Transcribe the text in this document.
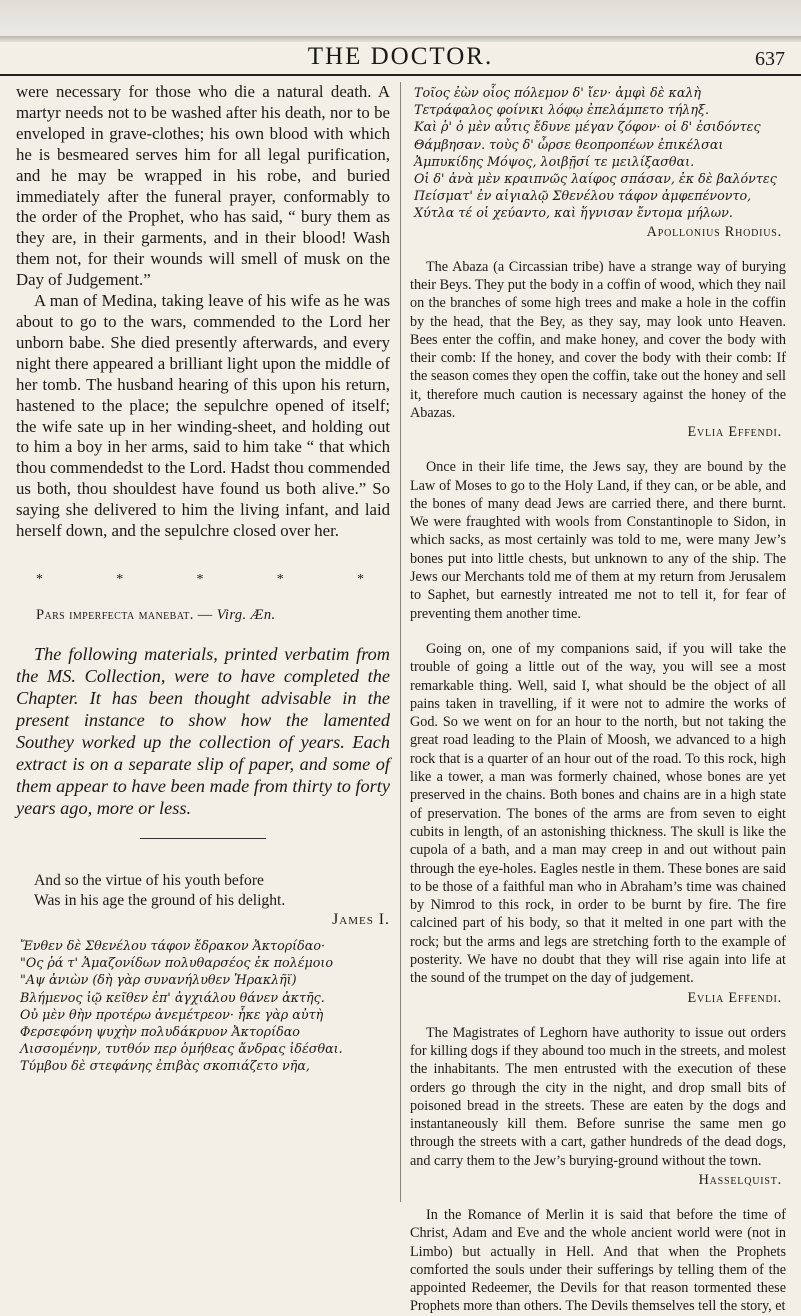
THE DOCTOR.	637

were necessary for those who die a natural death. A martyr needs not to be washed after his death, nor to be enveloped in grave-clothes; his own blood with which he is besmeared serves him for all legal purification, and he may be wrapped in his robe, and buried immediately after the funeral prayer, conformably to the order of the Prophet, who has said, “ bury them as they are, in their garments, and in their blood! Wash them not, for their wounds will smell of musk on the Day of Judgement.”

A man of Medina, taking leave of his wife as he was about to go to the wars, commended to the Lord her unborn babe. She died presently afterwards, and every night there appeared a brilliant light upon the middle of her tomb. The husband hearing of this upon his return, hastened to the place; the sepulchre opened of itself; the wife sate up in her winding-sheet, and holding out to him a boy in her arms, said to him take “ that which thou commendedst to the Lord. Hadst thou commended us both, thou shouldest have found us both alive.” So saying she delivered to him the living infant, and laid herself down, and the sepulchre closed over her.

*	*	*	*	*
Pars imperfecta manebat. — Virg. Æn.

The following materials, printed verbatim from the MS. Collection, were to have completed the Chapter. It has been thought advisable in the present instance to show how the lamented Southey worked up the collection of years. Each extract is on a separate slip of paper, and some of them appear to have been made from thirty to forty years ago, more or less.

And so the virtue of his youth before
Was in his age the ground of his delight.
James I.
Ἔνθεν δὲ Σθενέλου τάφον ἔδρακον Ἀκτορίδαο·
"Ος ῥά τ' Ἀμαζονίδων πολυθαρσέος ἐκ πολέμοιο
"Αψ ἀνιὼν (δὴ γὰρ συνανήλυθεν Ἡρακλῆϊ)
Βλήμενος ἰῷ κεῖθεν ἐπ' ἀγχιάλου θάνεν ἀκτῆς.
Οὐ μὲν θὴν προτέρω ἀνεμέτρεον· ἧκε γὰρ αὐτὴ
Φερσεφόνη ψυχὴν πολυδάκρυον Ἀκτορίδαο
Λισσομένην, τυτθόν περ ὁμήθεας ἄνδρας ἰδέσθαι.
Τύμβου δὲ στεφάνης ἐπιβὰς σκοπιάζετο νῆα,
Τοῖος ἐὼν οἷος πόλεμον δ' ἴεν· ἀμφὶ δὲ καλὴ
Τετράφαλος φοίνικι λόφῳ ἐπελάμπετο τήληξ.
Καὶ ῥ' ὁ μὲν αὖτις ἔδυνε μέγαν ζόφον· οἱ δ' ἐσιδόντες
Θάμβησαν. τοὺς δ' ὦρσε θεοπροπέων ἐπικέλσαι
Ἀμπυκίδης Μόψος, λοιβῇσί τε μειλίξασθαι.
Οἱ δ' ἀνὰ μὲν κραιπνῶς λαίφος σπάσαν, ἐκ δὲ βαλόντες
Πείσματ' ἐν αἰγιαλῷ Σθενέλου τάφον ἀμφεπένοντο,
Χύτλα τέ οἱ χεύαντο, καὶ ἥγνισαν ἔντομα μήλων.
Apollonius Rhodius.

The Abaza (a Circassian tribe) have a strange way of burying their Beys. They put the body in a coffin of wood, which they nail on the branches of some high trees and make a hole in the coffin by the head, that the Bey, as they say, may look unto Heaven. Bees enter the coffin, and make honey, and cover the body with their comb: If the honey, and cover the body with their comb: If the season comes they open the coffin, take out the honey and sell it, therefore much caution is necessary against the honey of the Abazas.

Evlia Effendi.

Once in their life time, the Jews say, they are bound by the Law of Moses to go to the Holy Land, if they can, or be able, and the bones of many dead Jews are carried there, and there burnt. We were fraughted with wools from Constantinople to Sidon, in which sacks, as most certainly was told to me, were many Jew’s bones put into little chests, but unknown to any of the ship. The Jews our Merchants told me of them at my return from Jerusalem to Saphet, but earnestly intreated me not to tell it, for fear of preventing them another time.

Going on, one of my companions said, if you will take the trouble of going a little out of the way, you will see a most remarkable thing. Well, said I, what should be the object of all pains taken in travelling, if it were not to admire the works of God. So we went on for an hour to the north, but not taking the great road leading to the Plain of Moosh, we advanced to a high rock that is a quarter of an hour out of the road. To this rock, high like a tower, a man was formerly chained, whose bones are yet preserved in the chains. Both bones and chains are in a high state of preservation. The bones of the arms are from seven to eight cubits in length, of an astonishing thickness. The skull is like the cupola of a bath, and a man may creep in and out without pain through the eye-holes. Eagles nestle in them. These bones are said to be those of a faithful man who in Abraham’s time was chained by Nimrod to this rock, in order to be burnt by fire. The fire calcined part of his body, so that it melted in one part with the rock; but the arms and legs are stretching forth to the example of posterity. We have no doubt that they will rise again into life at the sound of the trumpet on the day of judgement.

Evlia Effendi.

The Magistrates of Leghorn have authority to issue out orders for killing dogs if they abound too much in the streets, and molest the inhabitants. The men entrusted with the execution of these orders go through the city in the night, and drop small bits of poisoned bread in the streets. These are eaten by the dogs and instantaneously kill them. Before sunrise the same men go through the streets with a cart, gather hundreds of the dead dogs, and carry them to the Jew’s burying-ground without the town.

Hasselquist.

In the Romance of Merlin it is said that before the time of Christ, Adam and Eve and the whole ancient world were (not in Limbo) but actually in Hell. And that when the Prophets comforted the souls under their sufferings by telling them of the appointed Redeemer, the Devils for that reason tormented these Prophets more than others. The Devils themselves tell the story, et
